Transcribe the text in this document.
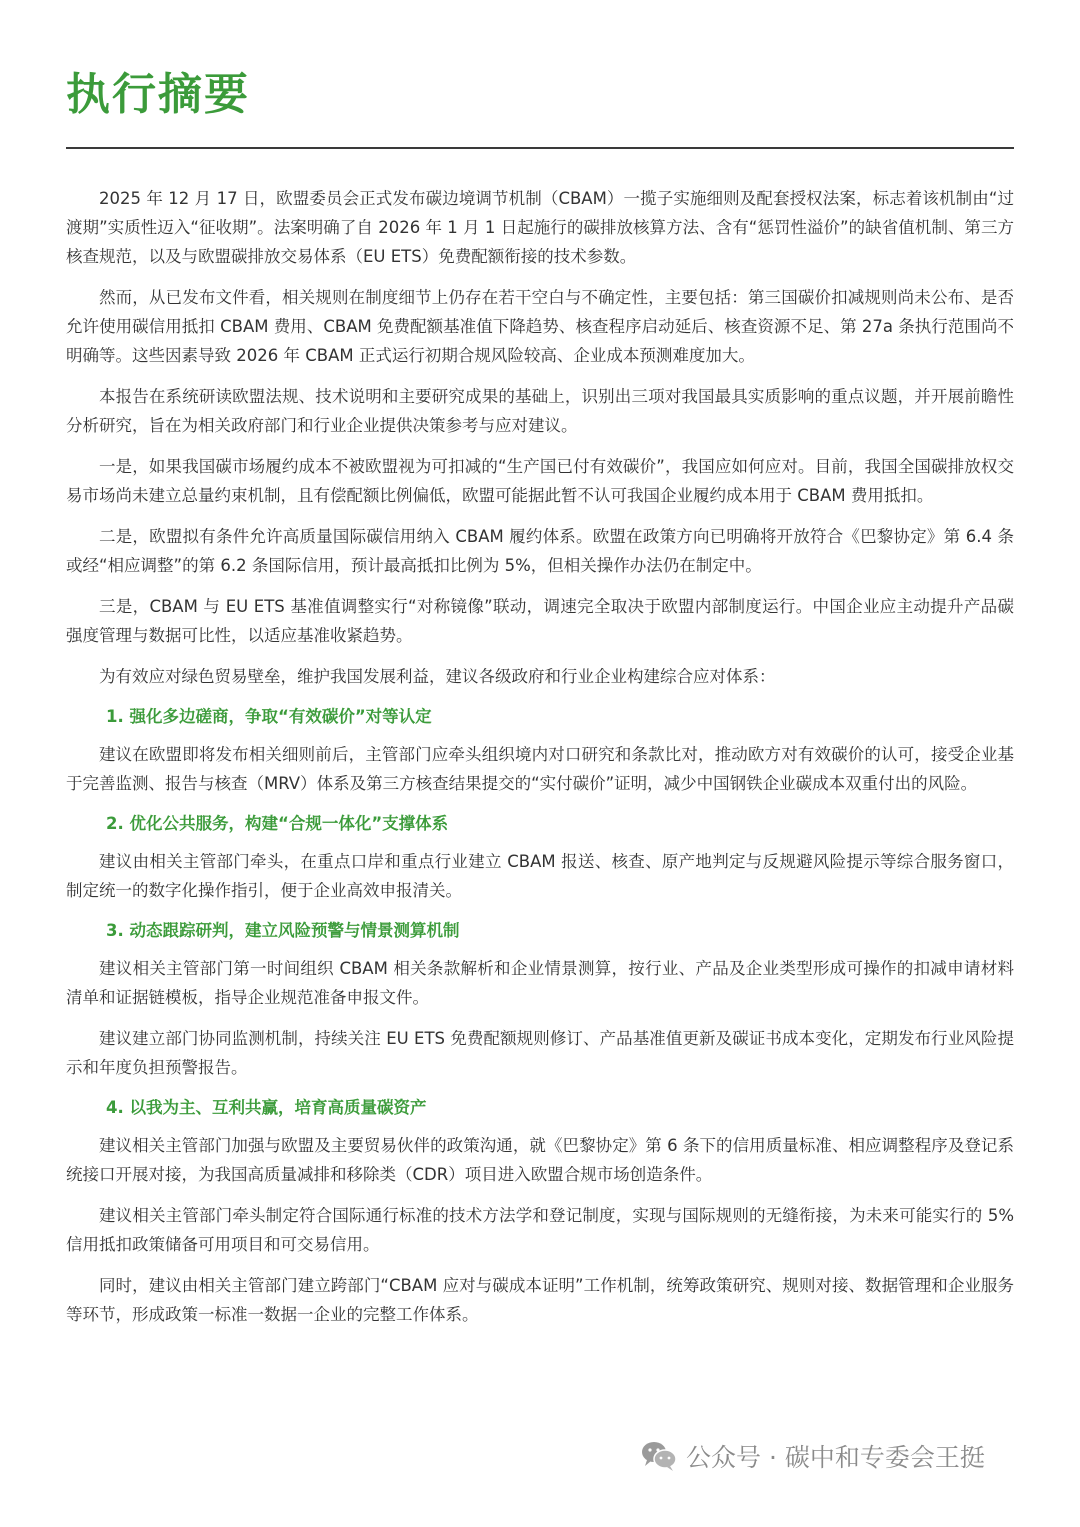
执行摘要

2025 年 12 月 17 日，欧盟委员会正式发布碳边境调节机制（CBAM）一揽子实施细则及配套授权法案，标志着该机制由“过渡期”实质性迈入“征收期”。法案明确了自 2026 年 1 月 1 日起施行的碳排放核算方法、含有“惩罚性溢价”的缺省值机制、第三方核查规范，以及与欧盟碳排放交易体系（EU ETS）免费配额衔接的技术参数。

然而，从已发布文件看，相关规则在制度细节上仍存在若干空白与不确定性，主要包括：第三国碳价扣减规则尚未公布、是否允许使用碳信用抵扣 CBAM 费用、CBAM 免费配额基准值下降趋势、核查程序启动延后、核查资源不足、第 27a 条执行范围尚不明确等。这些因素导致 2026 年 CBAM 正式运行初期合规风险较高、企业成本预测难度加大。

本报告在系统研读欧盟法规、技术说明和主要研究成果的基础上，识别出三项对我国最具实质影响的重点议题，并开展前瞻性分析研究，旨在为相关政府部门和行业企业提供决策参考与应对建议。

一是，如果我国碳市场履约成本不被欧盟视为可扣减的“生产国已付有效碳价”，我国应如何应对。目前，我国全国碳排放权交易市场尚未建立总量约束机制，且有偿配额比例偏低，欧盟可能据此暂不认可我国企业履约成本用于 CBAM 费用抵扣。

二是，欧盟拟有条件允许高质量国际碳信用纳入 CBAM 履约体系。欧盟在政策方向已明确将开放符合《巴黎协定》第 6.4 条或经“相应调整”的第 6.2 条国际信用，预计最高抵扣比例为 5%，但相关操作办法仍在制定中。

三是，CBAM 与 EU ETS 基准值调整实行“对称镜像”联动，调速完全取决于欧盟内部制度运行。中国企业应主动提升产品碳强度管理与数据可比性，以适应基准收紧趋势。

为有效应对绿色贸易壁垒，维护我国发展利益，建议各级政府和行业企业构建综合应对体系：

1. 强化多边磋商，争取“有效碳价”对等认定

建议在欧盟即将发布相关细则前后，主管部门应牵头组织境内对口研究和条款比对，推动欧方对有效碳价的认可，接受企业基于完善监测、报告与核查（MRV）体系及第三方核查结果提交的“实付碳价”证明，减少中国钢铁企业碳成本双重付出的风险。

2. 优化公共服务，构建“合规一体化”支撑体系

建议由相关主管部门牵头，在重点口岸和重点行业建立 CBAM 报送、核查、原产地判定与反规避风险提示等综合服务窗口，制定统一的数字化操作指引，便于企业高效申报清关。

3. 动态跟踪研判，建立风险预警与情景测算机制

建议相关主管部门第一时间组织 CBAM 相关条款解析和企业情景测算，按行业、产品及企业类型形成可操作的扣减申请材料清单和证据链模板，指导企业规范准备申报文件。

建议建立部门协同监测机制，持续关注 EU ETS 免费配额规则修订、产品基准值更新及碳证书成本变化，定期发布行业风险提示和年度负担预警报告。

4. 以我为主、互利共赢，培育高质量碳资产

建议相关主管部门加强与欧盟及主要贸易伙伴的政策沟通，就《巴黎协定》第 6 条下的信用质量标准、相应调整程序及登记系统接口开展对接，为我国高质量减排和移除类（CDR）项目进入欧盟合规市场创造条件。

建议相关主管部门牵头制定符合国际通行标准的技术方法学和登记制度，实现与国际规则的无缝衔接，为未来可能实行的 5% 信用抵扣政策储备可用项目和可交易信用。

同时，建议由相关主管部门建立跨部门“CBAM 应对与碳成本证明”工作机制，统筹政策研究、规则对接、数据管理和企业服务等环节，形成政策一标准一数据一企业的完整工作体系。

公众号 · 碳中和专委会王挺
